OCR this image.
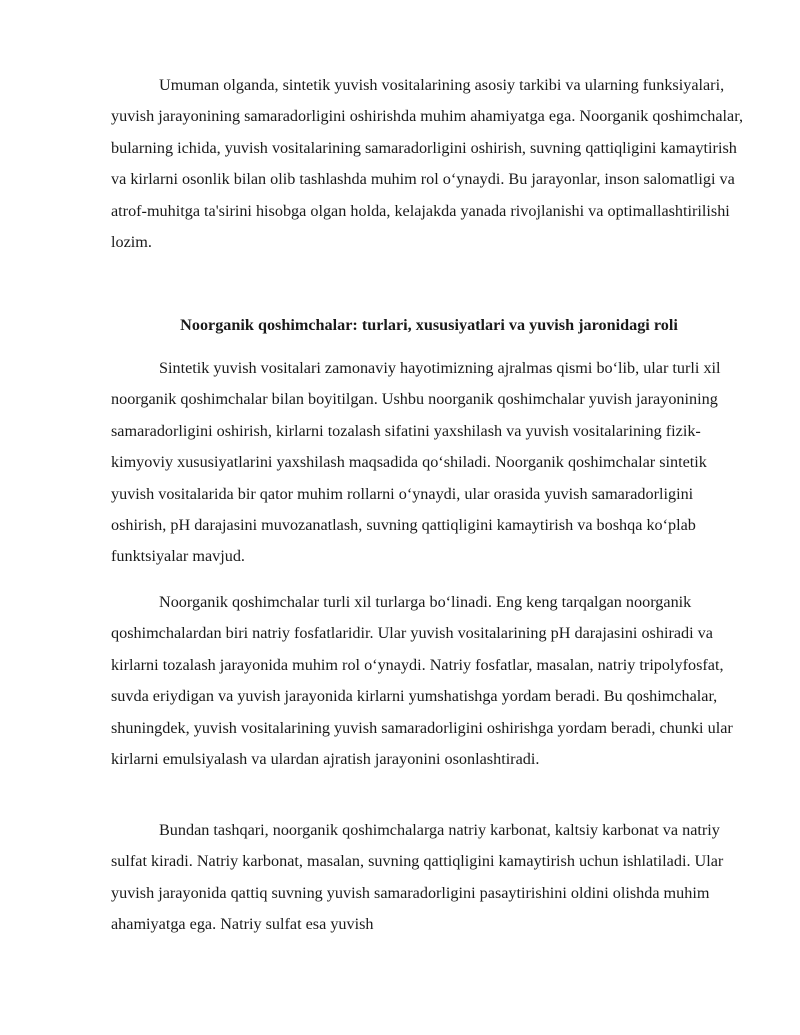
Umuman olganda, sintetik yuvish vositalarining asosiy tarkibi va ularning funksiyalari, yuvish jarayonining samaradorligini oshirishda muhim ahamiyatga ega. Noorganik qoshimchalar, bularning ichida, yuvish vositalarining samaradorligini oshirish, suvning qattiqligini kamaytirish va kirlarni osonlik bilan olib tashlashda muhim rol o‘ynaydi. Bu jarayonlar, inson salomatligi va atrof-muhitga ta'sirini hisobga olgan holda, kelajakda yanada rivojlanishi va optimallashtirilishi lozim.

Noorganik qoshimchalar: turlari, xususiyatlari va yuvish jaronidagi roli

Sintetik yuvish vositalari zamonaviy hayotimizning ajralmas qismi bo‘lib, ular turli xil noorganik qoshimchalar bilan boyitilgan. Ushbu noorganik qoshimchalar yuvish jarayonining samaradorligini oshirish, kirlarni tozalash sifatini yaxshilash va yuvish vositalarining fizik-kimyoviy xususiyatlarini yaxshilash maqsadida qo‘shiladi. Noorganik qoshimchalar sintetik yuvish vositalarida bir qator muhim rollarni o‘ynaydi, ular orasida yuvish samaradorligini oshirish, pH darajasini muvozanatlash, suvning qattiqligini kamaytirish va boshqa ko‘plab funktsiyalar mavjud.

Noorganik qoshimchalar turli xil turlarga bo‘linadi. Eng keng tarqalgan noorganik qoshimchalardan biri natriy fosfatlaridir. Ular yuvish vositalarining pH darajasini oshiradi va kirlarni tozalash jarayonida muhim rol o‘ynaydi. Natriy fosfatlar, masalan, natriy tripolyfosfat, suvda eriydigan va yuvish jarayonida kirlarni yumshatishga yordam beradi. Bu qoshimchalar, shuningdek, yuvish vositalarining yuvish samaradorligini oshirishga yordam beradi, chunki ular kirlarni emulsiyalash va ulardan ajratish jarayonini osonlashtiradi.

Bundan tashqari, noorganik qoshimchalarga natriy karbonat, kaltsiy karbonat va natriy sulfat kiradi. Natriy karbonat, masalan, suvning qattiqligini kamaytirish uchun ishlatiladi. Ular yuvish jarayonida qattiq suvning yuvish samaradorligini pasaytirishini oldini olishda muhim ahamiyatga ega. Natriy sulfat esa yuvish
